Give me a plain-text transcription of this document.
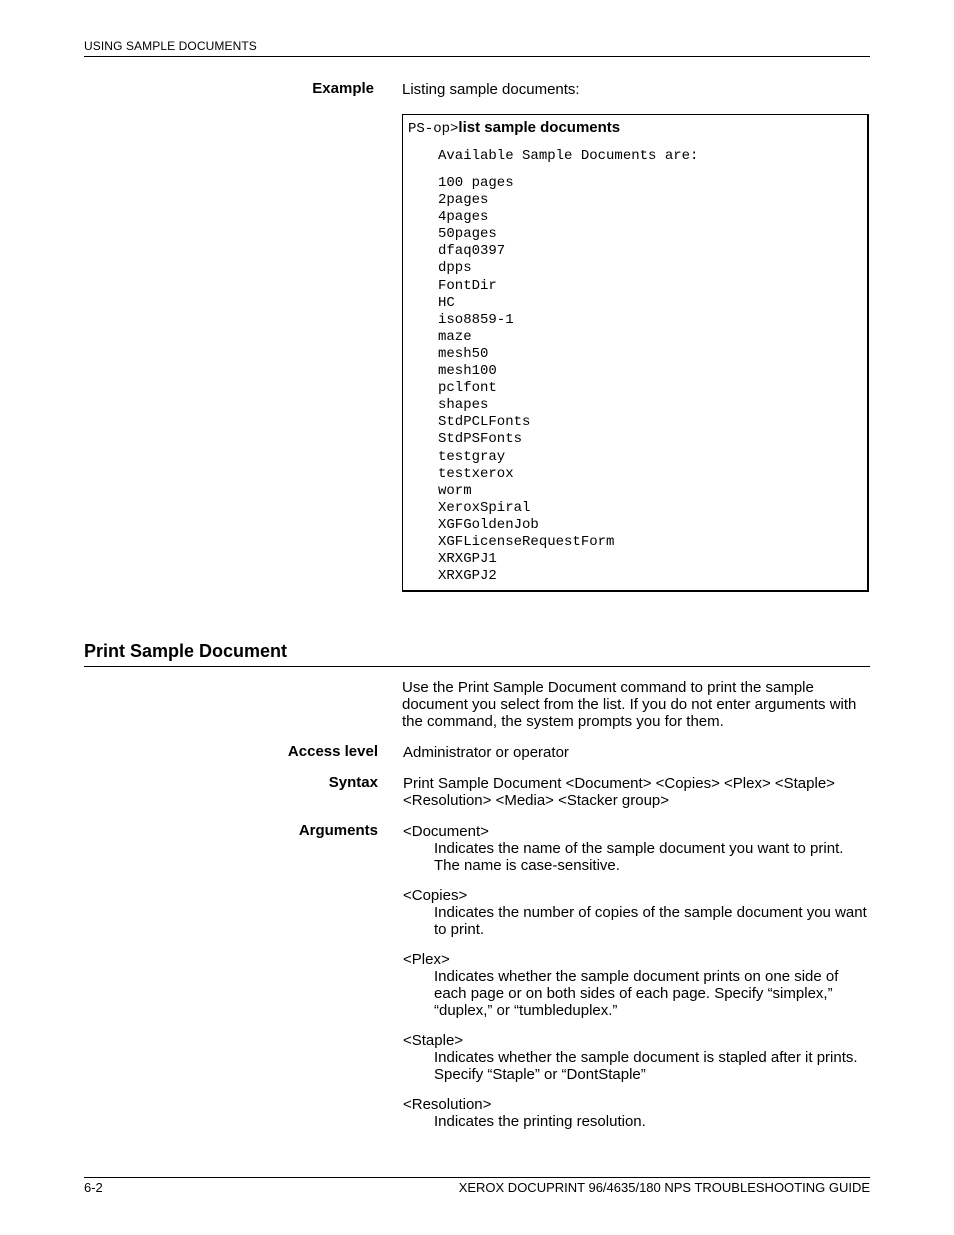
USING SAMPLE DOCUMENTS
Example Listing sample documents:
PS-op>list sample documents
Available Sample Documents are:
100 pages
2pages
4pages
50pages
dfaq0397
dpps
FontDir
HC
iso8859-1
maze
mesh50
mesh100
pclfont
shapes
StdPCLFonts
StdPSFonts
testgray
testxerox
worm
XeroxSpiral
XGFGoldenJob
XGFLicenseRequestForm
XRXGPJ1
XRXGPJ2
Print Sample Document
Use the Print Sample Document command to print the sample document you select from the list. If you do not enter arguments with the command, the system prompts you for them.
Access level Administrator or operator
Syntax Print Sample Document <Document> <Copies> <Plex> <Staple> <Resolution> <Media> <Stacker group>
Arguments <Document>
Indicates the name of the sample document you want to print. The name is case-sensitive.
<Copies>
Indicates the number of copies of the sample document you want to print.
<Plex>
Indicates whether the sample document prints on one side of each page or on both sides of each page. Specify “simplex,” “duplex,” or “tumbleduplex.”
<Staple>
Indicates whether the sample document is stapled after it prints. Specify “Staple” or “DontStaple”
<Resolution>
Indicates the printing resolution.
6-2	XEROX DOCUPRINT 96/4635/180 NPS TROUBLESHOOTING GUIDE
